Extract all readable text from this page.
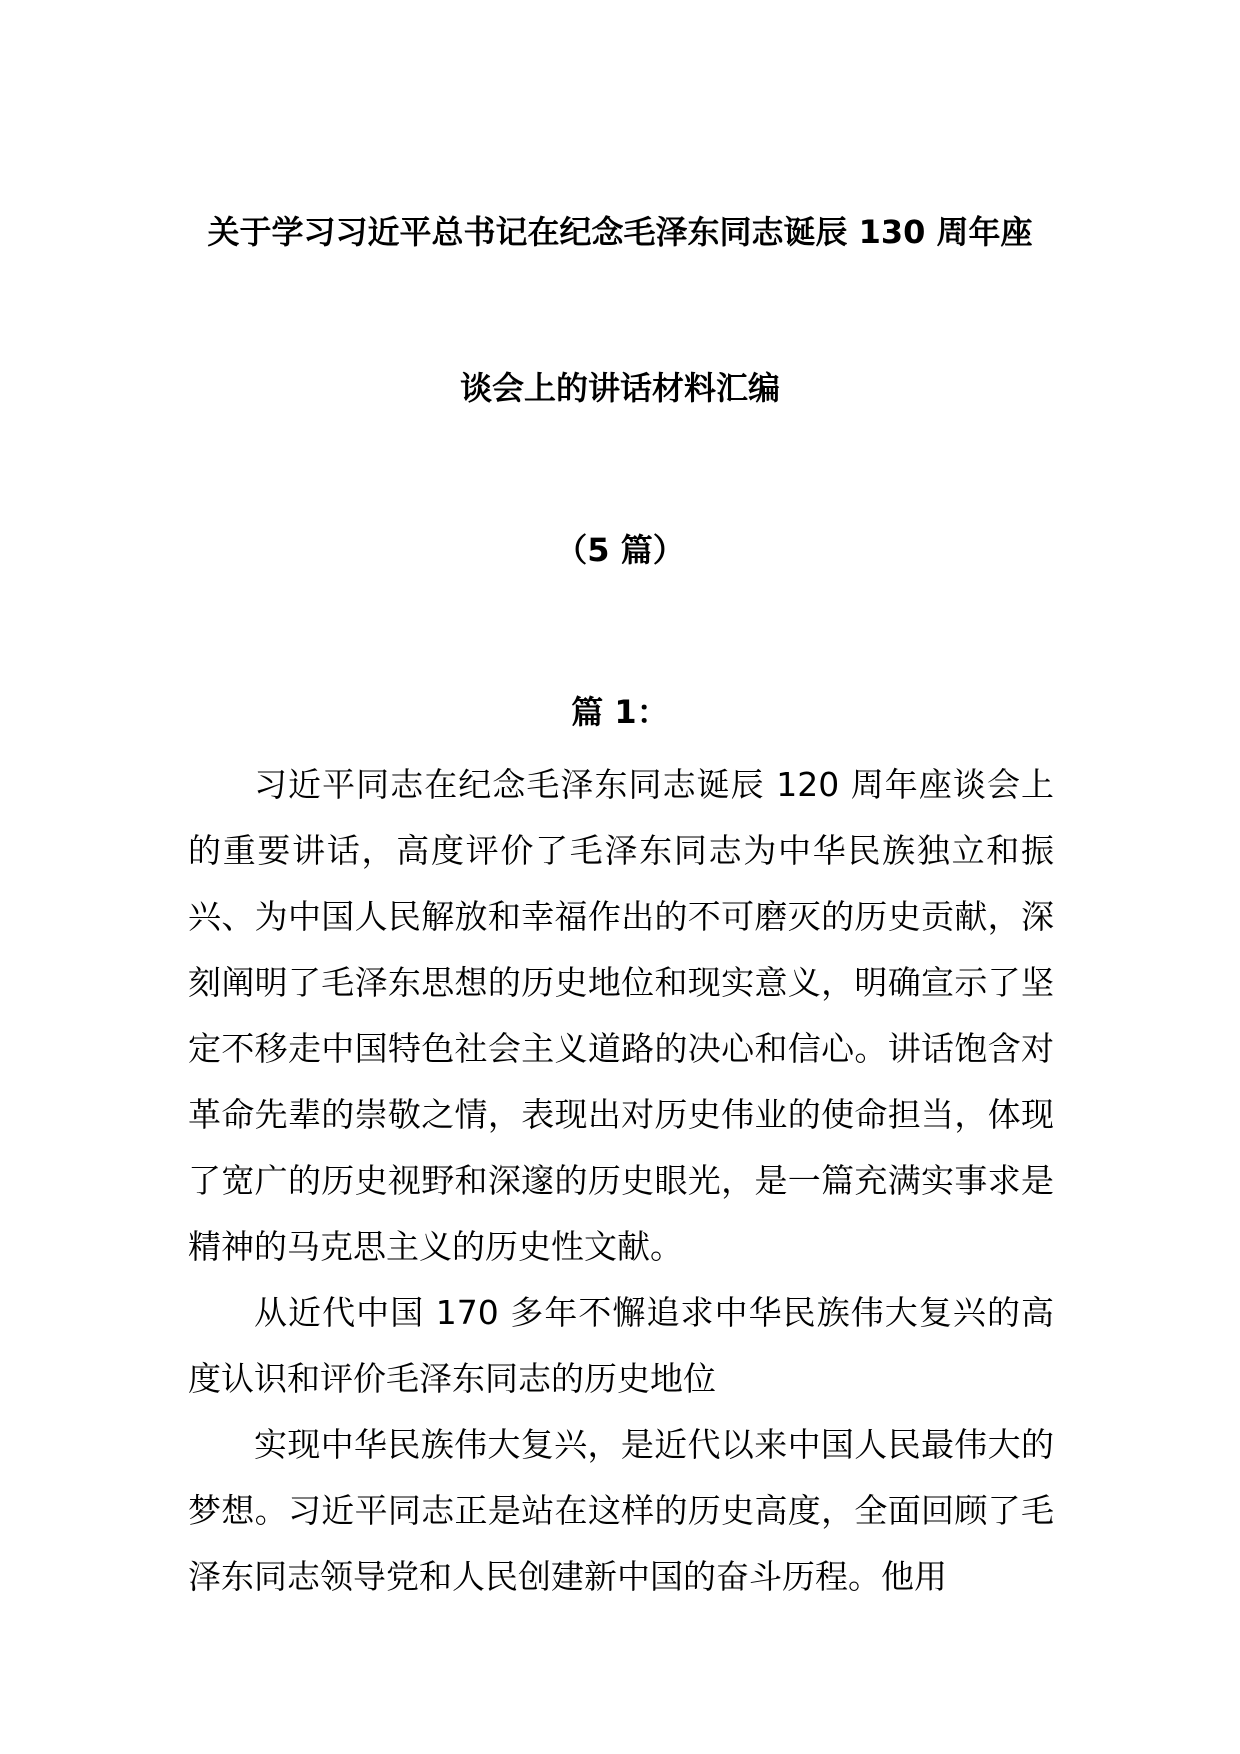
关于学习习近平总书记在纪念毛泽东同志诞辰 130 周年座
谈会上的讲话材料汇编
（5 篇）
篇 1：

习近平同志在纪念毛泽东同志诞辰 120 周年座谈会上的重要讲话，高度评价了毛泽东同志为中华民族独立和振兴、为中国人民解放和幸福作出的不可磨灭的历史贡献，深刻阐明了毛泽东思想的历史地位和现实意义，明确宣示了坚定不移走中国特色社会主义道路的决心和信心。讲话饱含对革命先辈的崇敬之情，表现出对历史伟业的使命担当，体现了宽广的历史视野和深邃的历史眼光，是一篇充满实事求是精神的马克思主义的历史性文献。

从近代中国 170 多年不懈追求中华民族伟大复兴的高度认识和评价毛泽东同志的历史地位

实现中华民族伟大复兴，是近代以来中国人民最伟大的梦想。习近平同志正是站在这样的历史高度，全面回顾了毛泽东同志领导党和人民创建新中国的奋斗历程。他用
